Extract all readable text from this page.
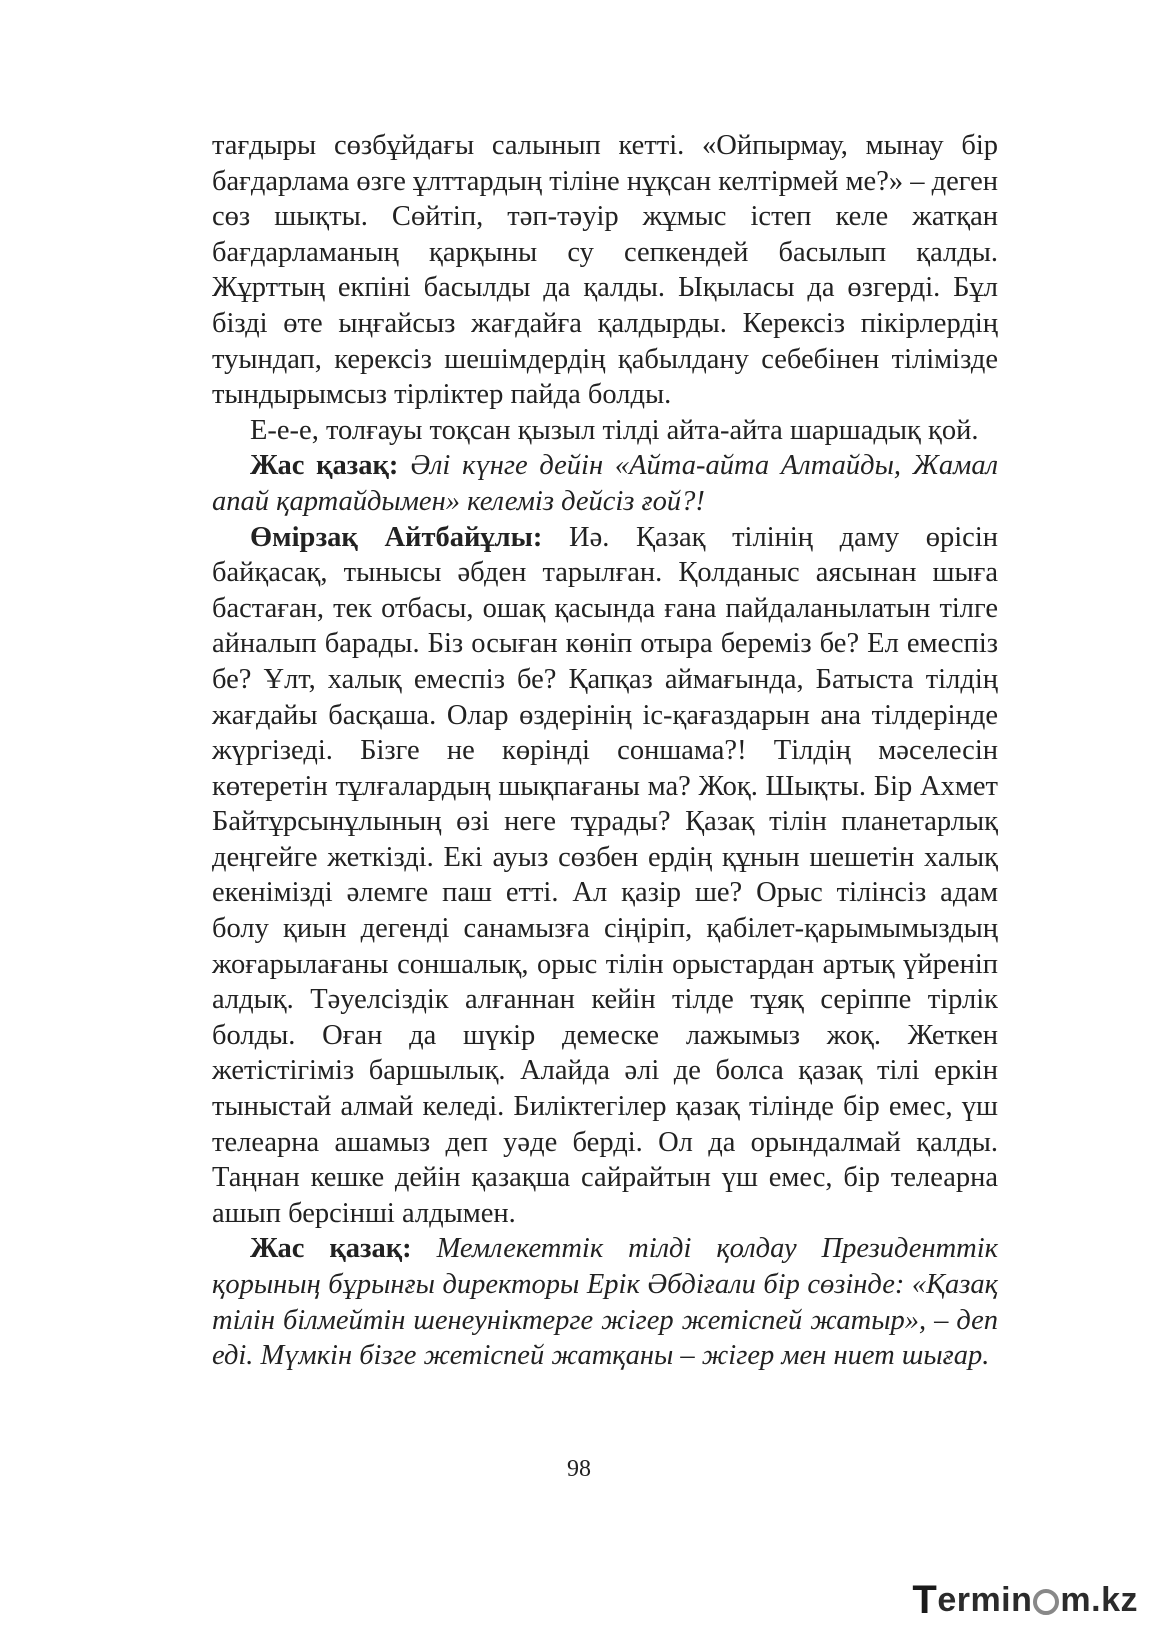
тағдыры сөзбұйдағы салынып кетті. «Ойпырмау, мынау бір бағдарлама өзге ұлттардың тіліне нұқсан келтірмей ме?» – деген сөз шықты. Сөйтіп, тәп-тәуір жұмыс істеп келе жатқан бағдарламаның қарқыны су сепкендей басылып қалды. Жұрттың екпіні басылды да қалды. Ықыласы да өзгерді. Бұл бізді өте ыңғайсыз жағдайға қалдырды. Керексіз пікірлердің туындап, керексіз шешімдердің қабылдану себебінен тілімізде тындырымсыз тірліктер пайда болды.

Е-е-е, толғауы тоқсан қызыл тілді айта-айта шаршадық қой.

Жас қазақ: Әлі күнге дейін «Айта-айта Алтайды, Жамал апай қартайдымен» келеміз дейсіз ғой?!

Өмірзақ Айтбайұлы: Иә. Қазақ тілінің даму өрісін байқасақ, тынысы әбден тарылған. Қолданыс аясынан шыға бастаған, тек отбасы, ошақ қасында ғана пайдаланылатын тілге айналып барады. Біз осыған көніп отыра береміз бе? Ел емеспіз бе? Ұлт, халық емеспіз бе? Қапқаз аймағында, Батыста тілдің жағдайы басқаша. Олар өздерінің іс-қағаздарын ана тілдерінде жүргізеді. Бізге не көрінді соншама?! Тілдің мәселесін көтеретін тұлғалардың шықпағаны ма? Жоқ. Шықты. Бір Ахмет Байтұрсынұлының өзі неге тұрады? Қазақ тілін планетарлық деңгейге жеткізді. Екі ауыз сөзбен ердің құнын шешетін халық екенімізді әлемге паш етті. Ал қазір ше? Орыс тілінсіз адам болу қиын дегенді санамызға сіңіріп, қабілет-қарымымыздың жоғарылағаны соншалық, орыс тілін орыстардан артық үйреніп алдық. Тәуелсіздік алғаннан кейін тілде тұяқ серіппе тірлік болды. Оған да шүкір демеске лажымыз жоқ. Жеткен жетістігіміз баршылық. Алайда әлі де болса қазақ тілі еркін тыныстай алмай келеді. Биліктегілер қазақ тілінде бір емес, үш телеарна ашамыз деп уәде берді. Ол да орындалмай қалды. Таңнан кешке дейін қазақша сайрайтын үш емес, бір телеарна ашып берсінші алдымен.

Жас қазақ: Мемлекеттік тілді қолдау Президенттік қорының бұрынғы директоры Ерік Әбдіғали бір сөзінде: «Қазақ тілін білмейтін шенеуніктерге жігер жетіспей жатыр», – деп еді. Мүмкін бізге жетіспей жатқаны – жігер мен ниет шығар.

98
T ermin m.kz
